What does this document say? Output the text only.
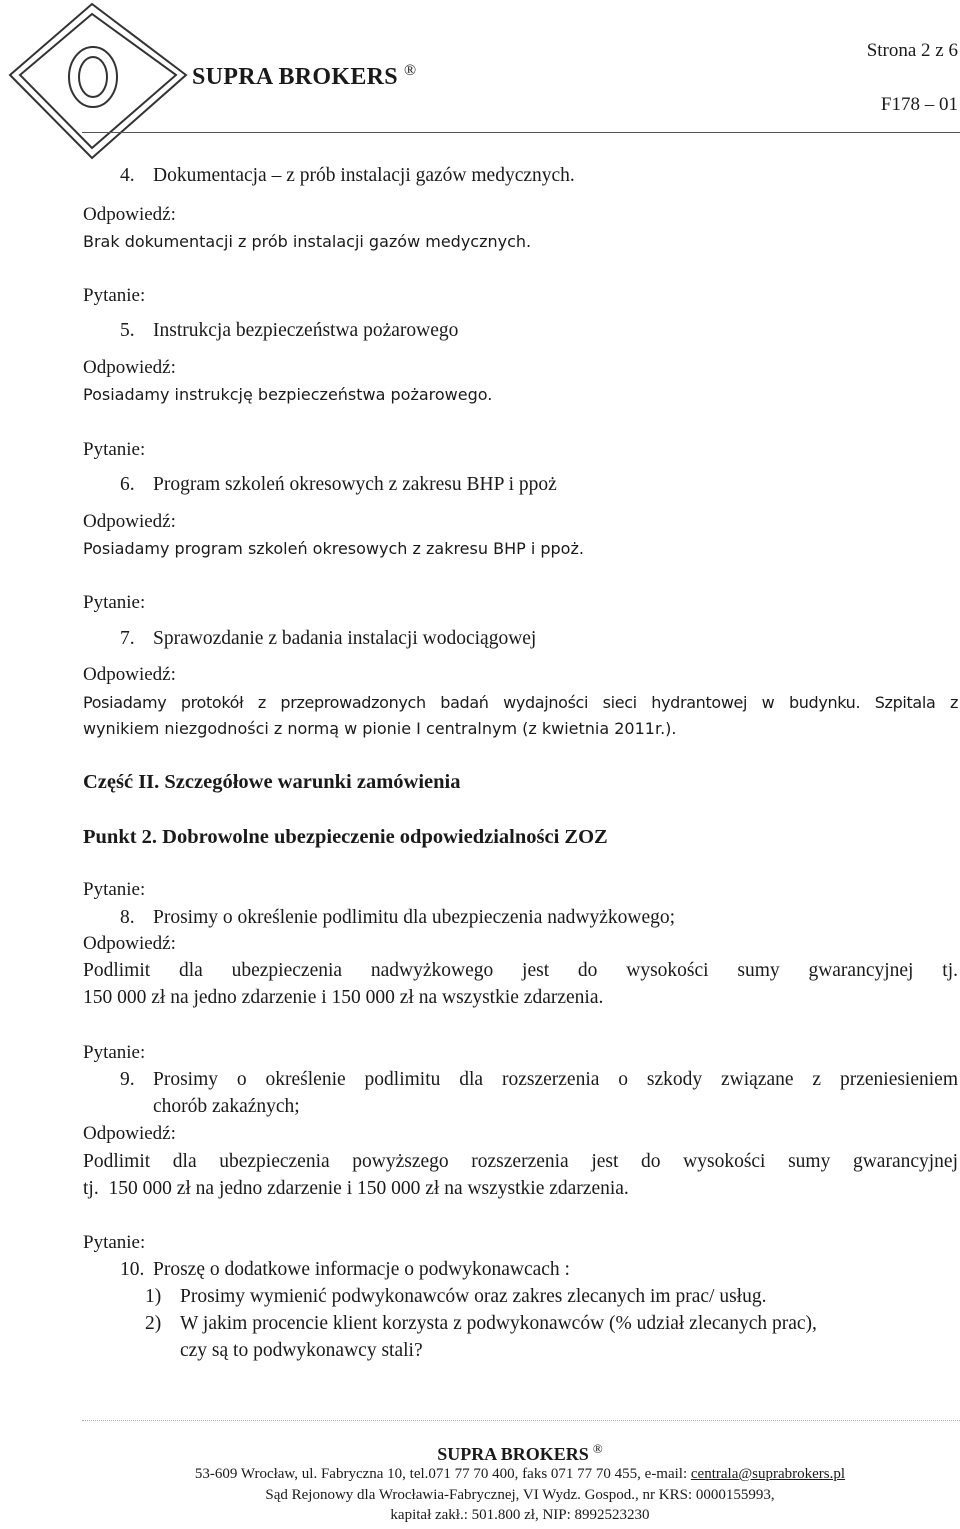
SUPRA BROKERS ®
Strona 2 z 6
F178 – 01
4. Dokumentacja – z prób instalacji gazów medycznych.
Odpowiedź:
Brak dokumentacji z prób instalacji gazów medycznych.
Pytanie:
5. Instrukcja bezpieczeństwa pożarowego
Odpowiedź:
Posiadamy instrukcję bezpieczeństwa pożarowego.
Pytanie:
6. Program szkoleń okresowych z zakresu BHP i ppoż
Odpowiedź:
Posiadamy program szkoleń okresowych z zakresu BHP i ppoż.
Pytanie:
7. Sprawozdanie z badania instalacji wodociągowej
Odpowiedź:
Posiadamy protokół z przeprowadzonych badań wydajności sieci hydrantowej w budynku. Szpitala z
wynikiem niezgodności z normą w pionie I centralnym (z kwietnia 2011r.).
Część II. Szczegółowe warunki zamówienia
Punkt 2. Dobrowolne ubezpieczenie odpowiedzialności ZOZ
Pytanie:
8. Prosimy o określenie podlimitu dla ubezpieczenia nadwyżkowego;
Odpowiedź:
Podlimit dla ubezpieczenia nadwyżkowego jest do wysokości sumy gwarancyjnej tj.
150 000 zł na jedno zdarzenie i 150 000 zł na wszystkie zdarzenia.
Pytanie:
9. Prosimy o określenie podlimitu dla rozszerzenia o szkody związane z przeniesieniem
chorób zakaźnych;
Odpowiedź:
Podlimit dla ubezpieczenia powyższego rozszerzenia jest do wysokości sumy gwarancyjnej
tj.  150 000 zł na jedno zdarzenie i 150 000 zł na wszystkie zdarzenia.
Pytanie:
10. Proszę o dodatkowe informacje o podwykonawcach :
1) Prosimy wymienić podwykonawców oraz zakres zlecanych im prac/ usług.
2) W jakim procencie klient korzysta z podwykonawców (% udział zlecanych prac),
czy są to podwykonawcy stali?
SUPRA BROKERS ®
53-609 Wrocław, ul. Fabryczna 10, tel.071 77 70 400, faks 071 77 70 455, e-mail: centrala@suprabrokers.pl
Sąd Rejonowy dla Wrocławia-Fabrycznej, VI Wydz. Gospod., nr KRS: 0000155993,
kapitał zakł.: 501.800 zł, NIP: 8992523230
